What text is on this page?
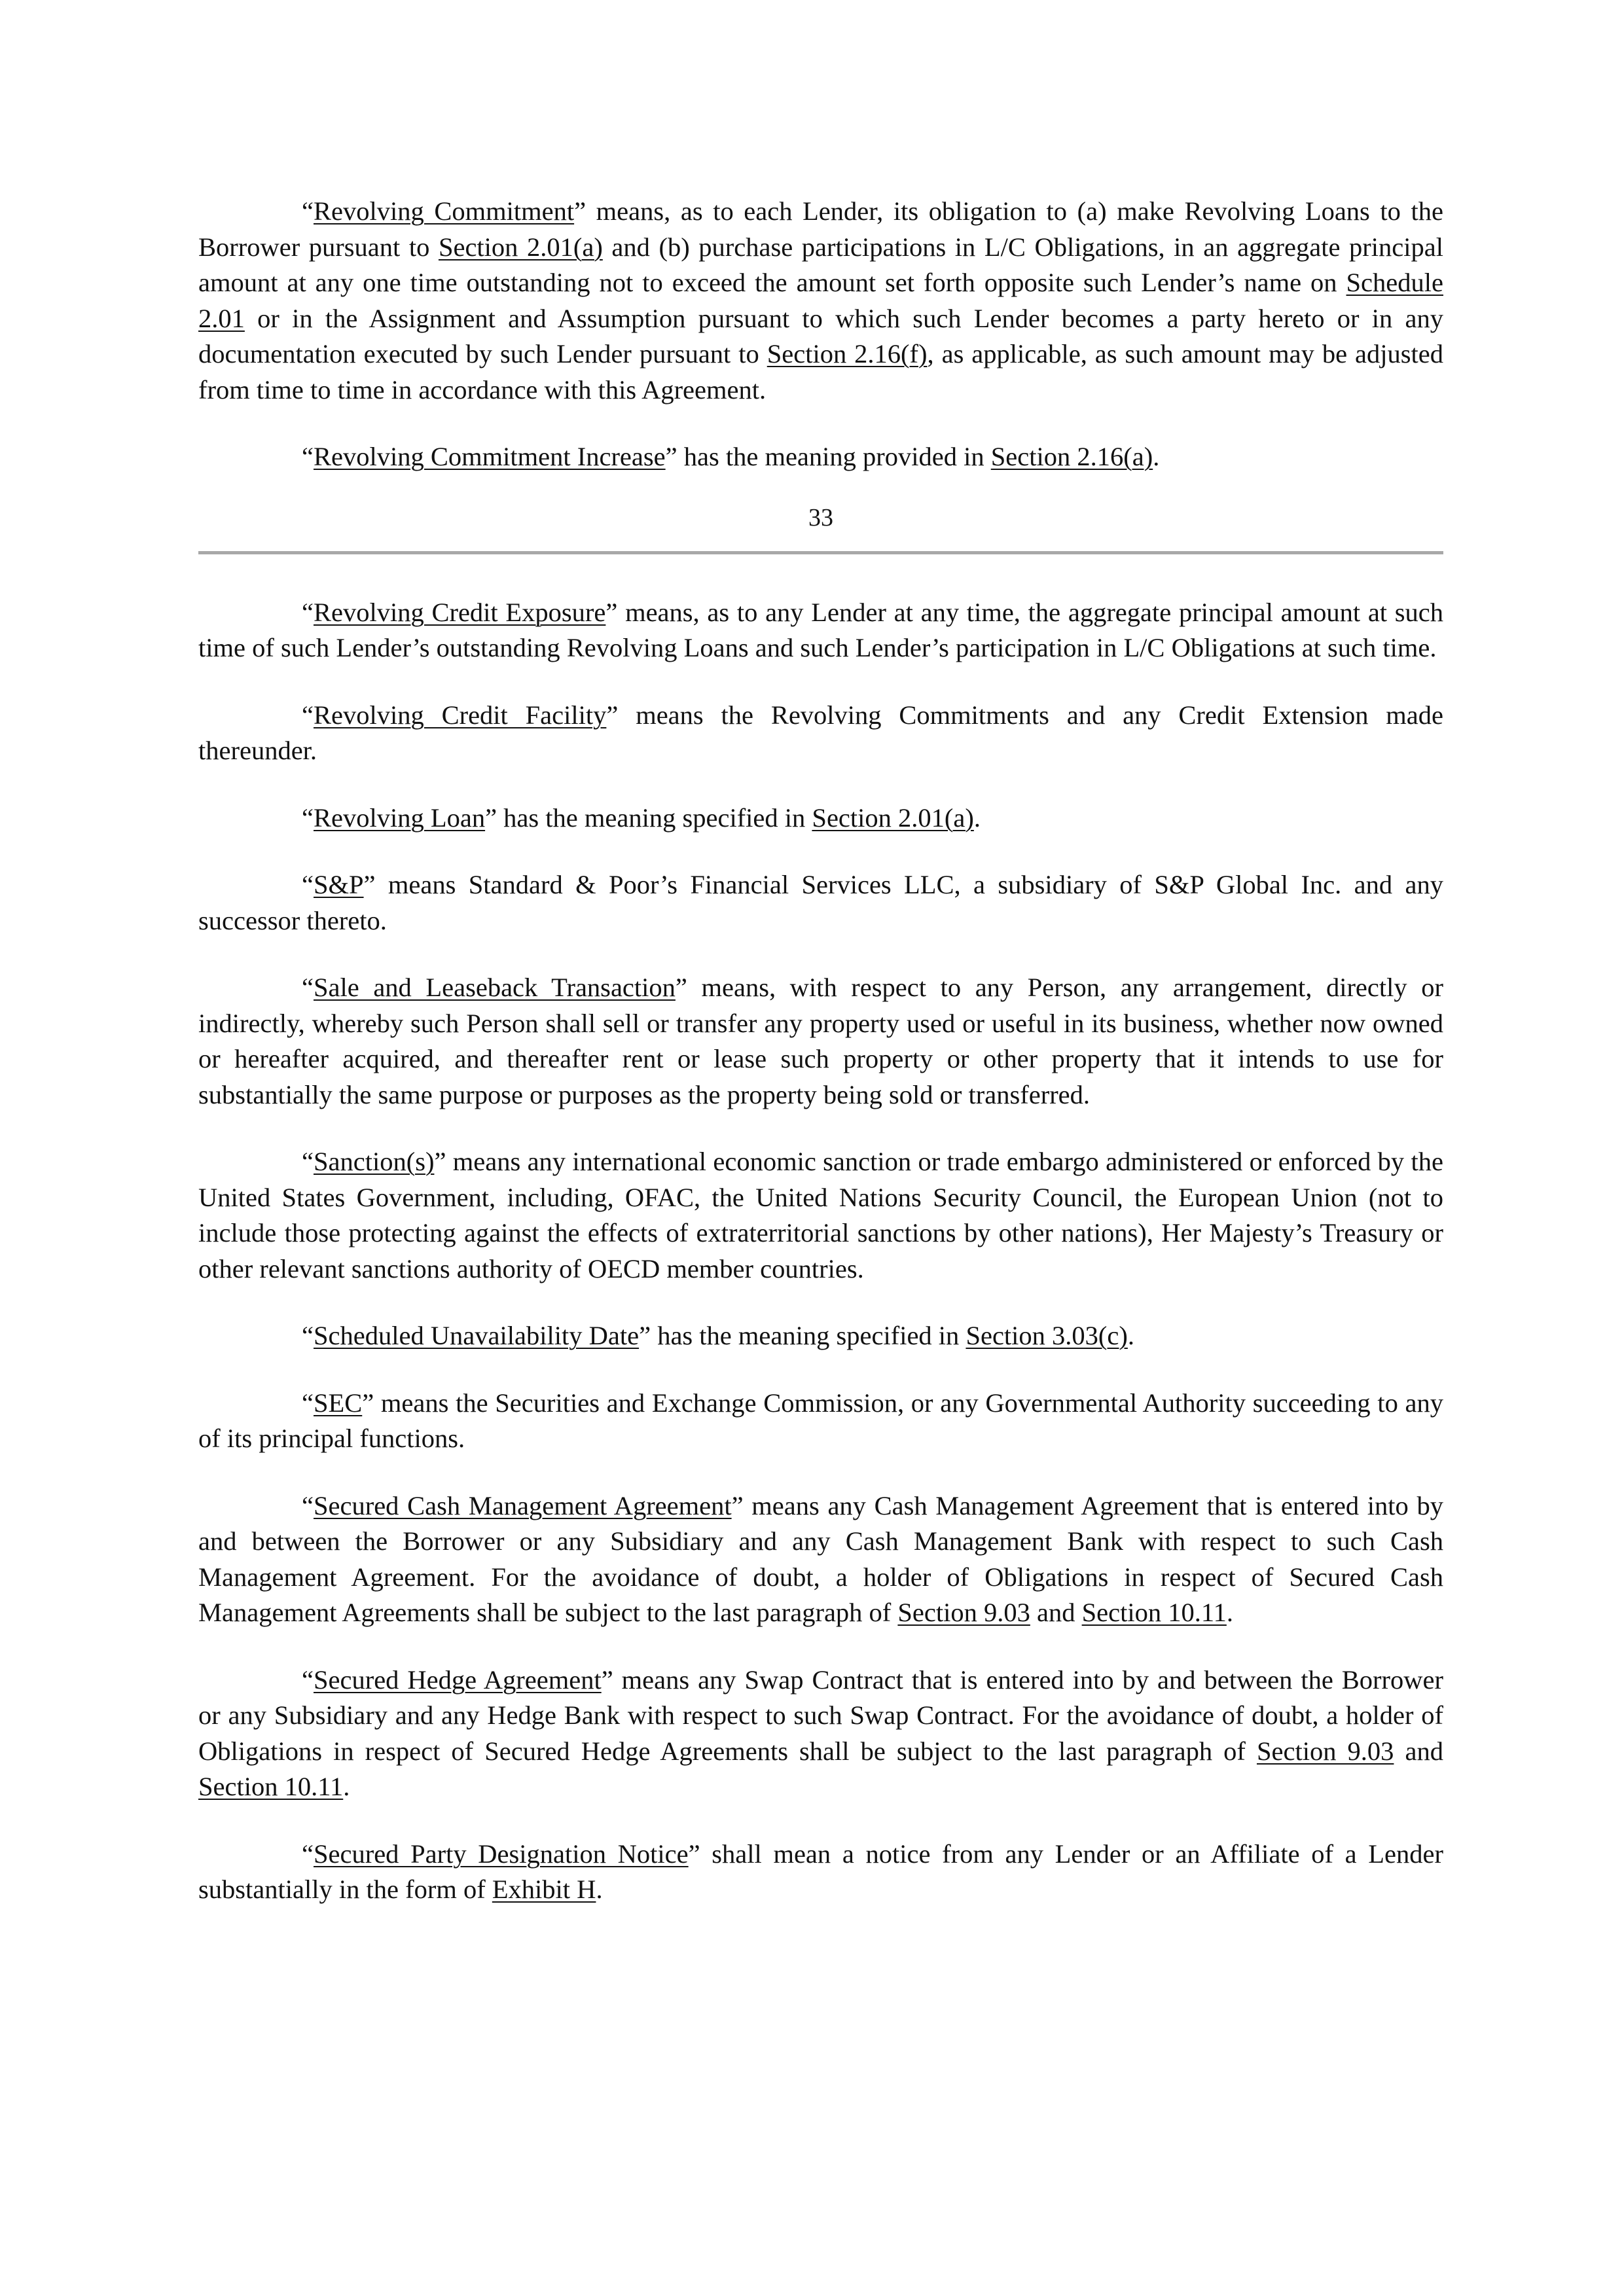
“Revolving Commitment” means, as to each Lender, its obligation to (a) make Revolving Loans to the Borrower pursuant to Section 2.01(a) and (b) purchase participations in L/C Obligations, in an aggregate principal amount at any one time outstanding not to exceed the amount set forth opposite such Lender’s name on Schedule 2.01 or in the Assignment and Assumption pursuant to which such Lender becomes a party hereto or in any documentation executed by such Lender pursuant to Section 2.16(f), as applicable, as such amount may be adjusted from time to time in accordance with this Agreement.

“Revolving Commitment Increase” has the meaning provided in Section 2.16(a).

33

“Revolving Credit Exposure” means, as to any Lender at any time, the aggregate principal amount at such time of such Lender’s outstanding Revolving Loans and such Lender’s participation in L/C Obligations at such time.

“Revolving Credit Facility” means the Revolving Commitments and any Credit Extension made thereunder.

“Revolving Loan” has the meaning specified in Section 2.01(a).

“S&P” means Standard & Poor’s Financial Services LLC, a subsidiary of S&P Global Inc. and any successor thereto.

“Sale and Leaseback Transaction” means, with respect to any Person, any arrangement, directly or indirectly, whereby such Person shall sell or transfer any property used or useful in its business, whether now owned or hereafter acquired, and thereafter rent or lease such property or other property that it intends to use for substantially the same purpose or purposes as the property being sold or transferred.

“Sanction(s)” means any international economic sanction or trade embargo administered or enforced by the United States Government, including, OFAC, the United Nations Security Council, the European Union (not to include those protecting against the effects of extraterritorial sanctions by other nations), Her Majesty’s Treasury or other relevant sanctions authority of OECD member countries.

“Scheduled Unavailability Date” has the meaning specified in Section 3.03(c).

“SEC” means the Securities and Exchange Commission, or any Governmental Authority succeeding to any of its principal functions.

“Secured Cash Management Agreement” means any Cash Management Agreement that is entered into by and between the Borrower or any Subsidiary and any Cash Management Bank with respect to such Cash Management Agreement. For the avoidance of doubt, a holder of Obligations in respect of Secured Cash Management Agreements shall be subject to the last paragraph of Section 9.03 and Section 10.11.

“Secured Hedge Agreement” means any Swap Contract that is entered into by and between the Borrower or any Subsidiary and any Hedge Bank with respect to such Swap Contract. For the avoidance of doubt, a holder of Obligations in respect of Secured Hedge Agreements shall be subject to the last paragraph of Section 9.03 and Section 10.11.

“Secured Party Designation Notice” shall mean a notice from any Lender or an Affiliate of a Lender substantially in the form of Exhibit H.
